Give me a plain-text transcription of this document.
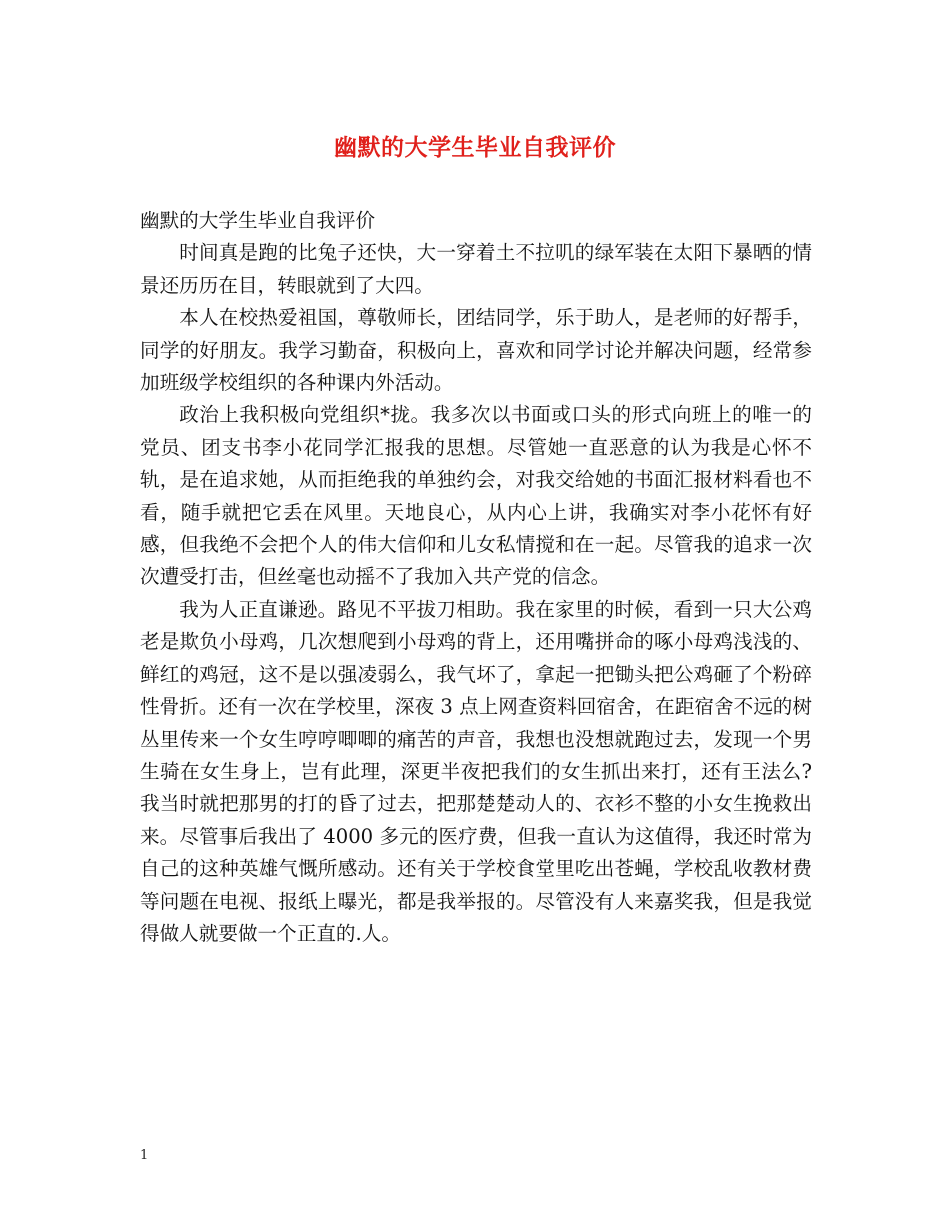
幽默的大学生毕业自我评价

幽默的大学生毕业自我评价

时间真是跑的比兔子还快，大一穿着土不拉叽的绿军装在太阳下暴晒的情景还历历在目，转眼就到了大四。

本人在校热爱祖国，尊敬师长，团结同学，乐于助人，是老师的好帮手，同学的好朋友。我学习勤奋，积极向上，喜欢和同学讨论并解决问题，经常参加班级学校组织的各种课内外活动。

政治上我积极向党组织*拢。我多次以书面或口头的形式向班上的唯一的党员、团支书李小花同学汇报我的思想。尽管她一直恶意的认为我是心怀不轨，是在追求她，从而拒绝我的单独约会，对我交给她的书面汇报材料看也不看，随手就把它丢在风里。天地良心，从内心上讲，我确实对李小花怀有好感，但我绝不会把个人的伟大信仰和儿女私情搅和在一起。尽管我的追求一次次遭受打击，但丝毫也动摇不了我加入共产党的信念。

我为人正直谦逊。路见不平拔刀相助。我在家里的时候，看到一只大公鸡老是欺负小母鸡，几次想爬到小母鸡的背上，还用嘴拼命的啄小母鸡浅浅的、鲜红的鸡冠，这不是以强凌弱么，我气坏了，拿起一把锄头把公鸡砸了个粉碎性骨折。还有一次在学校里，深夜 3 点上网查资料回宿舍，在距宿舍不远的树丛里传来一个女生哼哼唧唧的痛苦的声音，我想也没想就跑过去，发现一个男生骑在女生身上，岂有此理，深更半夜把我们的女生抓出来打，还有王法么?我当时就把那男的打的昏了过去，把那楚楚动人的、衣衫不整的小女生挽救出来。尽管事后我出了 4000 多元的医疗费，但我一直认为这值得，我还时常为自己的这种英雄气慨所感动。还有关于学校食堂里吃出苍蝇，学校乱收教材费等问题在电视、报纸上曝光，都是我举报的。尽管没有人来嘉奖我，但是我觉得做人就要做一个正直的.人。

1
